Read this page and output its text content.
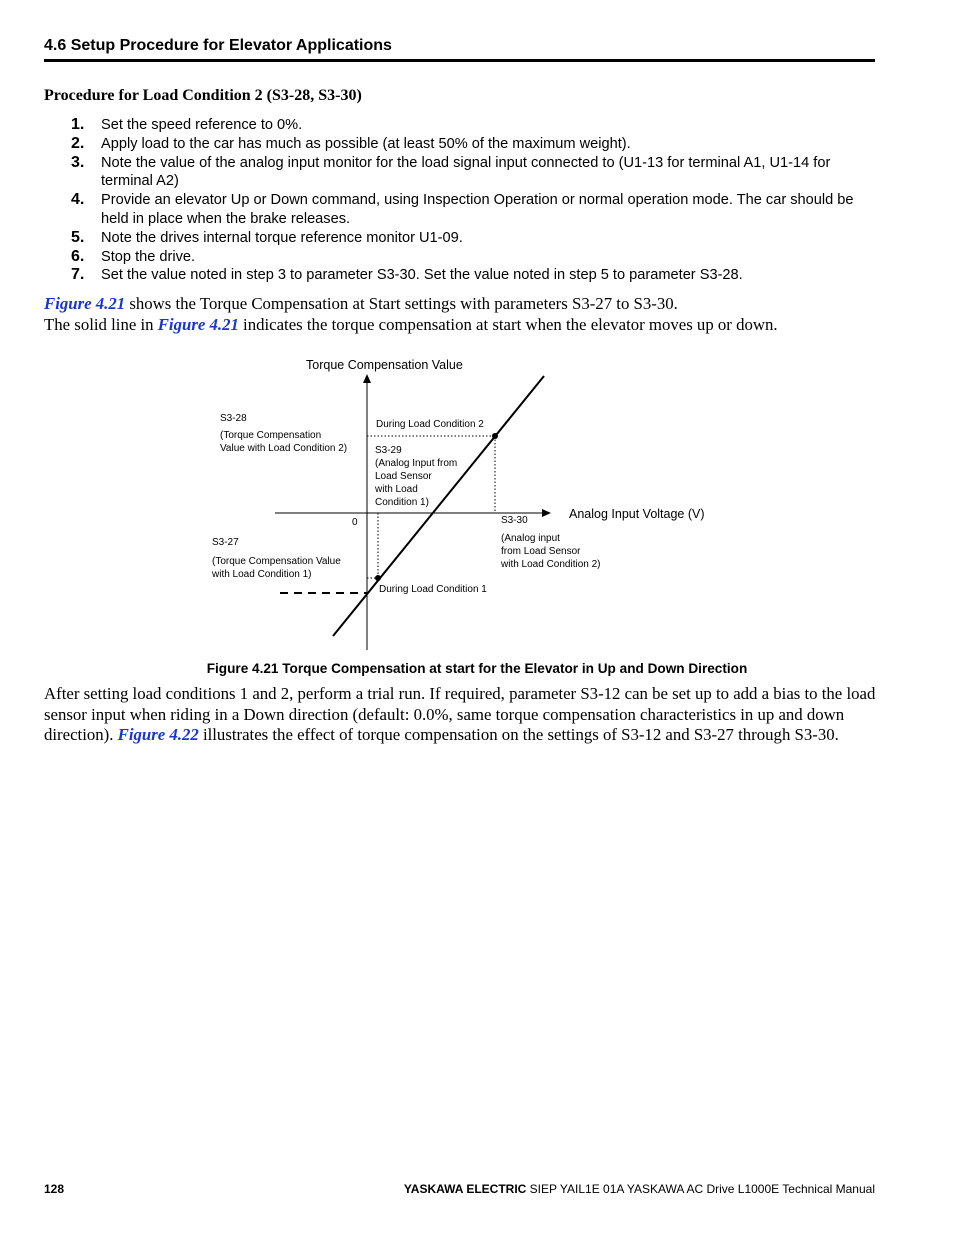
4.6 Setup Procedure for Elevator Applications
Procedure for Load Condition 2 (S3-28, S3-30)
1.	Set the speed reference to 0%.
2.	Apply load to the car has much as possible (at least 50% of the maximum weight).
3.	Note the value of the analog input monitor for the load signal input connected to (U1-13 for terminal A1, U1-14 for terminal A2)
4.	Provide an elevator Up or Down command, using Inspection Operation or normal operation mode. The car should be held in place when the brake releases.
5.	Note the drives internal torque reference monitor U1-09.
6.	Stop the drive.
7.	Set the value noted in step 3 to parameter S3-30. Set the value noted in step 5 to parameter S3-28.
Figure 4.21 shows the Torque Compensation at Start settings with parameters S3-27 to S3-30.
The solid line in Figure 4.21 indicates the torque compensation at start when the elevator moves up or down.
Torque Compensation Value
Analog Input Voltage (V)
0
S3-28
(Torque Compensation
Value with Load Condition 2)
During Load Condition 2
S3-29
(Analog Input from
Load Sensor
with Load
Condition 1)
S3-30
(Analog input
from Load Sensor
with Load Condition 2)
S3-27
(Torque Compensation Value
with Load Condition 1)
During Load Condition 1
Figure 4.21 Torque Compensation at start for the Elevator in Up and Down Direction
After setting load conditions 1 and 2, perform a trial run. If required, parameter S3-12 can be set up to add a bias to the load sensor input when riding in a Down direction (default: 0.0%, same torque compensation characteristics in up and down direction). Figure 4.22 illustrates the effect of torque compensation on the settings of S3-12 and S3-27 through S3-30.
128	YASKAWA ELECTRIC SIEP YAIL1E 01A YASKAWA AC Drive L1000E Technical Manual
